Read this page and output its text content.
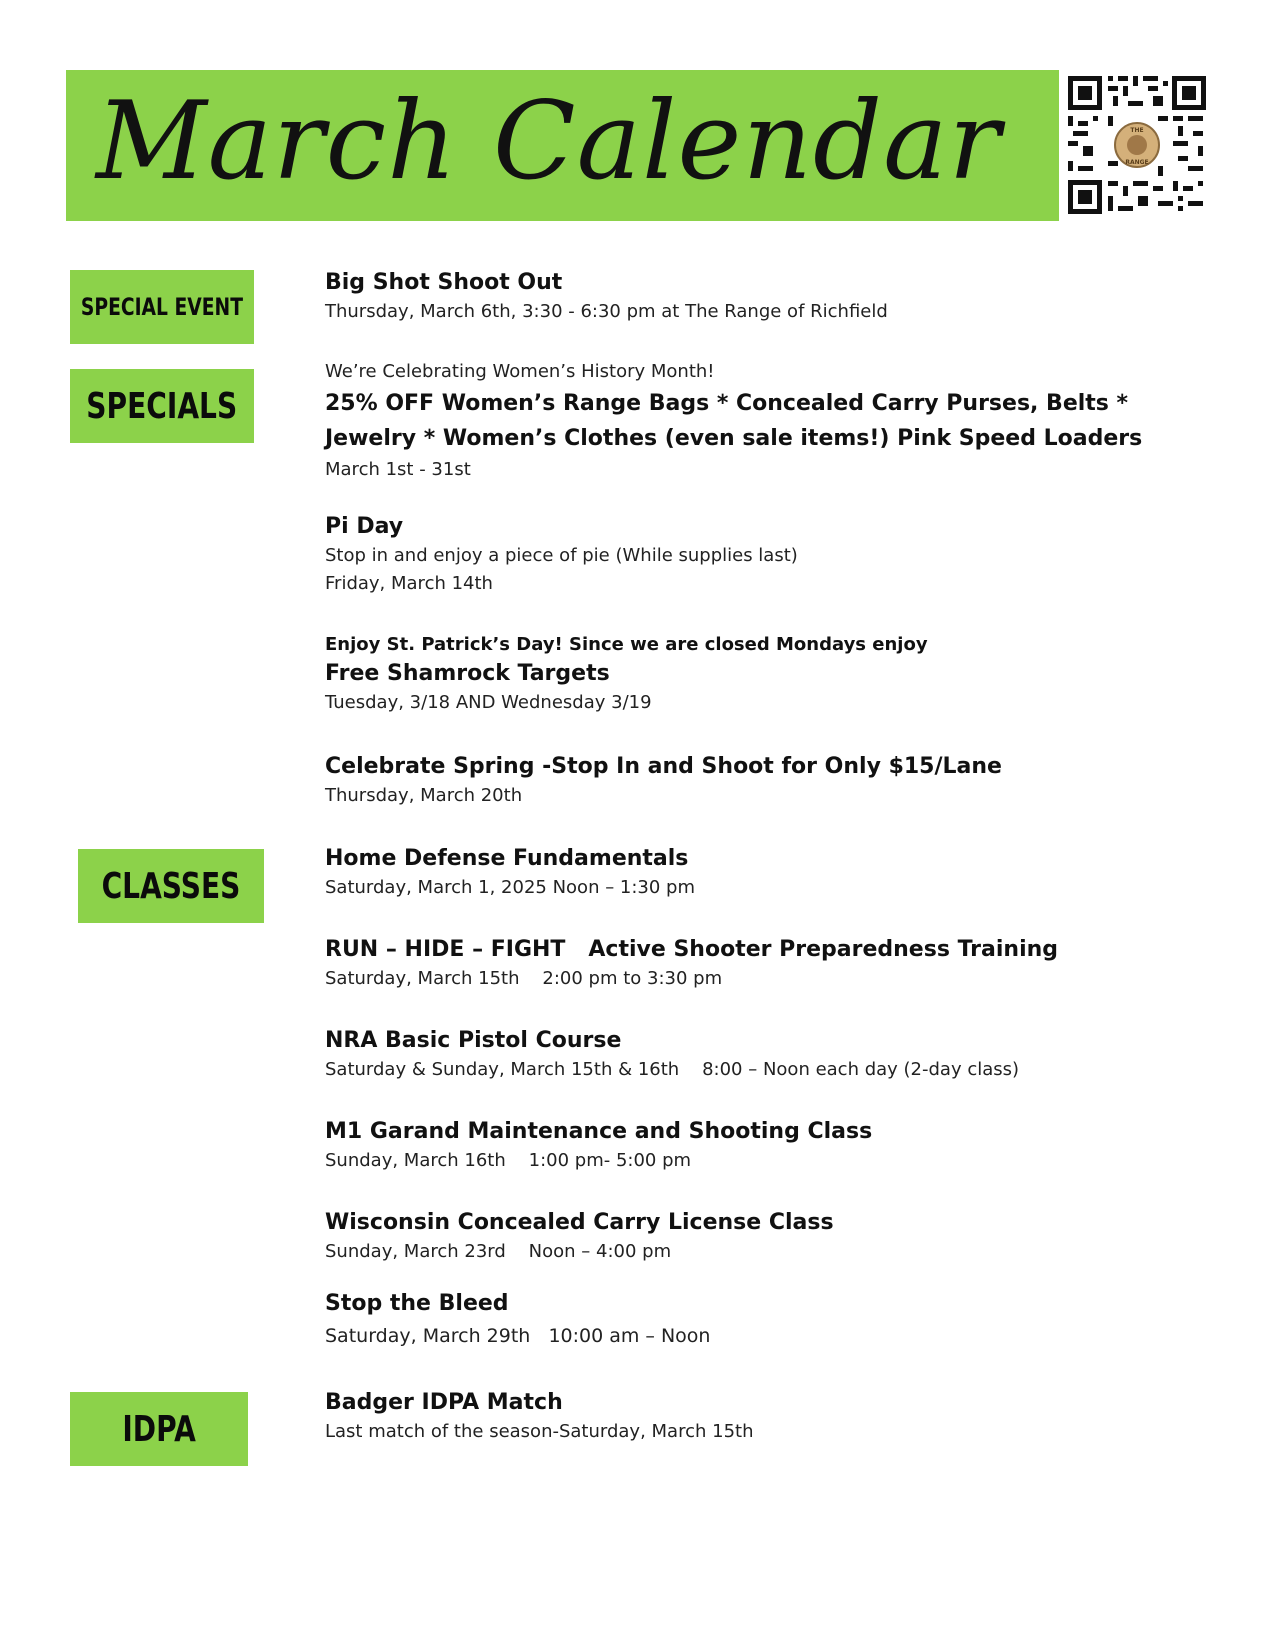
March Calendar	THE
RANGE
SPECIAL EVENT
SPECIALS
CLASSES
IDPA
Big Shot Shoot Out
Thursday, March 6th, 3:30 - 6:30 pm at The Range of Richfield
We’re Celebrating Women’s History Month!
25% OFF Women’s Range Bags * Concealed Carry Purses, Belts * Jewelry * Women’s Clothes (even sale items!) Pink Speed Loaders
March 1st - 31st
Pi Day
Stop in and enjoy a piece of pie (While supplies last)
Friday, March 14th
Enjoy St. Patrick’s Day! Since we are closed Mondays enjoy
Free Shamrock Targets
Tuesday, 3/18 AND Wednesday 3/19
Celebrate Spring -Stop In and Shoot for Only $15/Lane
Thursday, March 20th
Home Defense Fundamentals
Saturday, March 1, 2025 Noon – 1:30 pm
RUN – HIDE – FIGHT   Active Shooter Preparedness Training
Saturday, March 15th    2:00 pm to 3:30 pm
NRA Basic Pistol Course
Saturday & Sunday, March 15th & 16th    8:00 – Noon each day (2-day class)
M1 Garand Maintenance and Shooting Class
Sunday, March 16th    1:00 pm- 5:00 pm
Wisconsin Concealed Carry License Class
Sunday, March 23rd    Noon – 4:00 pm
Stop the Bleed
Saturday, March 29th   10:00 am – Noon
Badger IDPA Match
Last match of the season-Saturday, March 15th
